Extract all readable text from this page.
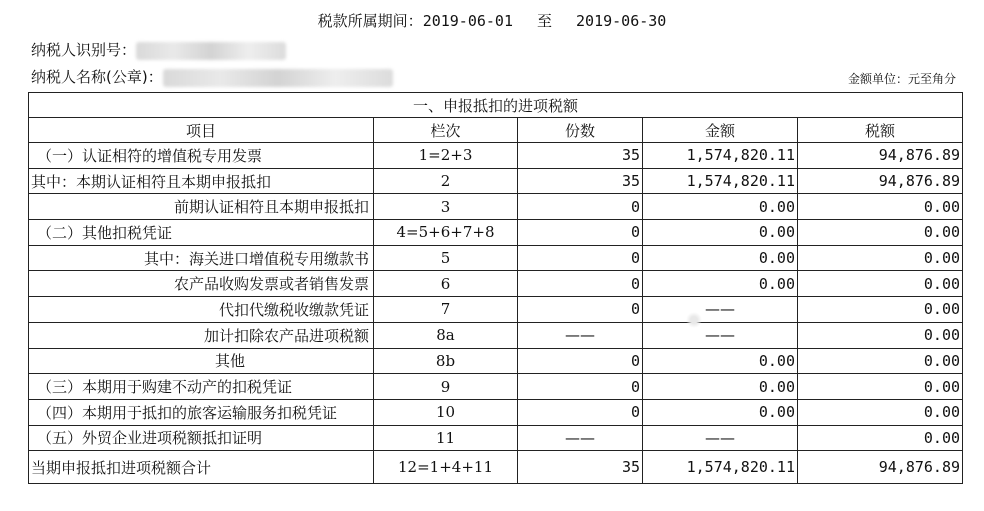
税款所属期间：2019-06-01 至 2019-06-30
纳税人识别号：
纳税人名称(公章)：	金额单位：元至角分
一、申报抵扣的进项税额				
项目	栏次	份数	金额	税额
（一）认证相符的增值税专用发票	1=2+3	35	1,574,820.11	94,876.89
其中：本期认证相符且本期申报抵扣	2	35	1,574,820.11	94,876.89
前期认证相符且本期申报抵扣	3	0	0.00	0.00
（二）其他扣税凭证	4=5+6+7+8	0	0.00	0.00
其中：海关进口增值税专用缴款书	5	0	0.00	0.00
农产品收购发票或者销售发票	6	0	0.00	0.00
代扣代缴税收缴款凭证	7	0	——	0.00
加计扣除农产品进项税额	8a	——	——	0.00
其他	8b	0	0.00	0.00
（三）本期用于购建不动产的扣税凭证	9	0	0.00	0.00
（四）本期用于抵扣的旅客运输服务扣税凭证	10	0	0.00	0.00
（五）外贸企业进项税额抵扣证明	11	——	——	0.00
当期申报抵扣进项税额合计	12=1+4+11	35	1,574,820.11	94,876.89
